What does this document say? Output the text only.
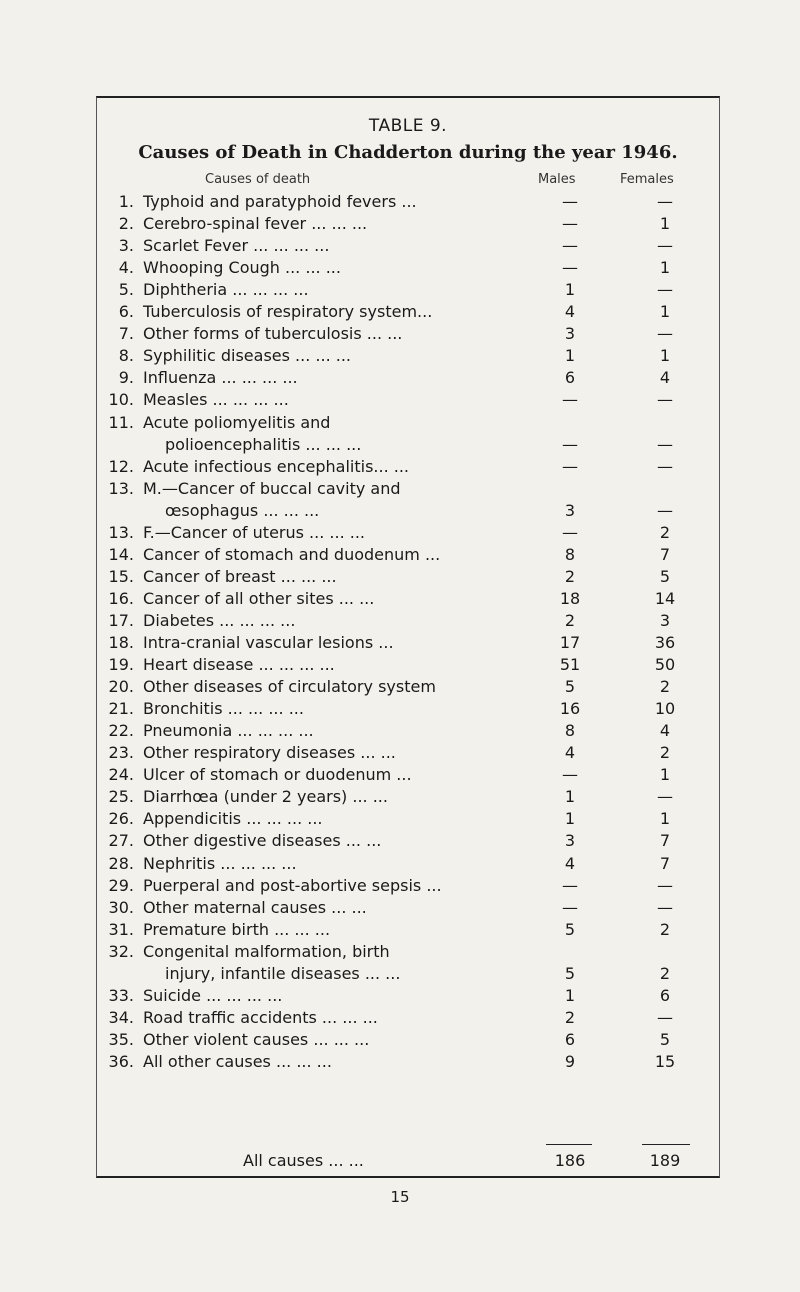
TABLE 9.
Causes of Death in Chadderton during the year 1946.
Causes of death	Males	Females
1. Typhoid and paratyphoid fevers ...	—	—
2. Cerebro-spinal fever ... ... ...	—	1
3. Scarlet Fever ... ... ... ...	—	—
4. Whooping Cough ... ... ...	—	1
5. Diphtheria ... ... ... ...	1	—
6. Tuberculosis of respiratory system...	4	1
7. Other forms of tuberculosis ... ...	3	—
8. Syphilitic diseases ... ... ...	1	1
9. Influenza ... ... ... ...	6	4
10. Measles ... ... ... ...	—	—
11. Acute poliomyelitis and
polioencephalitis ... ... ...	—	—
12. Acute infectious encephalitis... ...	—	—
13. M.—Cancer of buccal cavity and
œsophagus ... ... ...	3	—
13. F.—Cancer of uterus ... ... ...	—	2
14. Cancer of stomach and duodenum ...	8	7
15. Cancer of breast ... ... ...	2	5
16. Cancer of all other sites ... ...	18	14
17. Diabetes ... ... ... ...	2	3
18. Intra-cranial vascular lesions ...	17	36
19. Heart disease ... ... ... ...	51	50
20. Other diseases of circulatory system	5	2
21. Bronchitis ... ... ... ...	16	10
22. Pneumonia ... ... ... ...	8	4
23. Other respiratory diseases ... ...	4	2
24. Ulcer of stomach or duodenum ...	—	1
25. Diarrhœa (under 2 years) ... ...	1	—
26. Appendicitis ... ... ... ...	1	1
27. Other digestive diseases ... ...	3	7
28. Nephritis ... ... ... ...	4	7
29. Puerperal and post-abortive sepsis ...	—	—
30. Other maternal causes ... ...	—	—
31. Premature birth ... ... ...	5	2
32. Congenital malformation, birth
injury, infantile diseases ... ...	5	2
33. Suicide ... ... ... ...	1	6
34. Road traffic accidents ... ... ...	2	—
35. Other violent causes ... ... ...	6	5
36. All other causes ... ... ...	9	15
All causes ... ...	186	189
15
